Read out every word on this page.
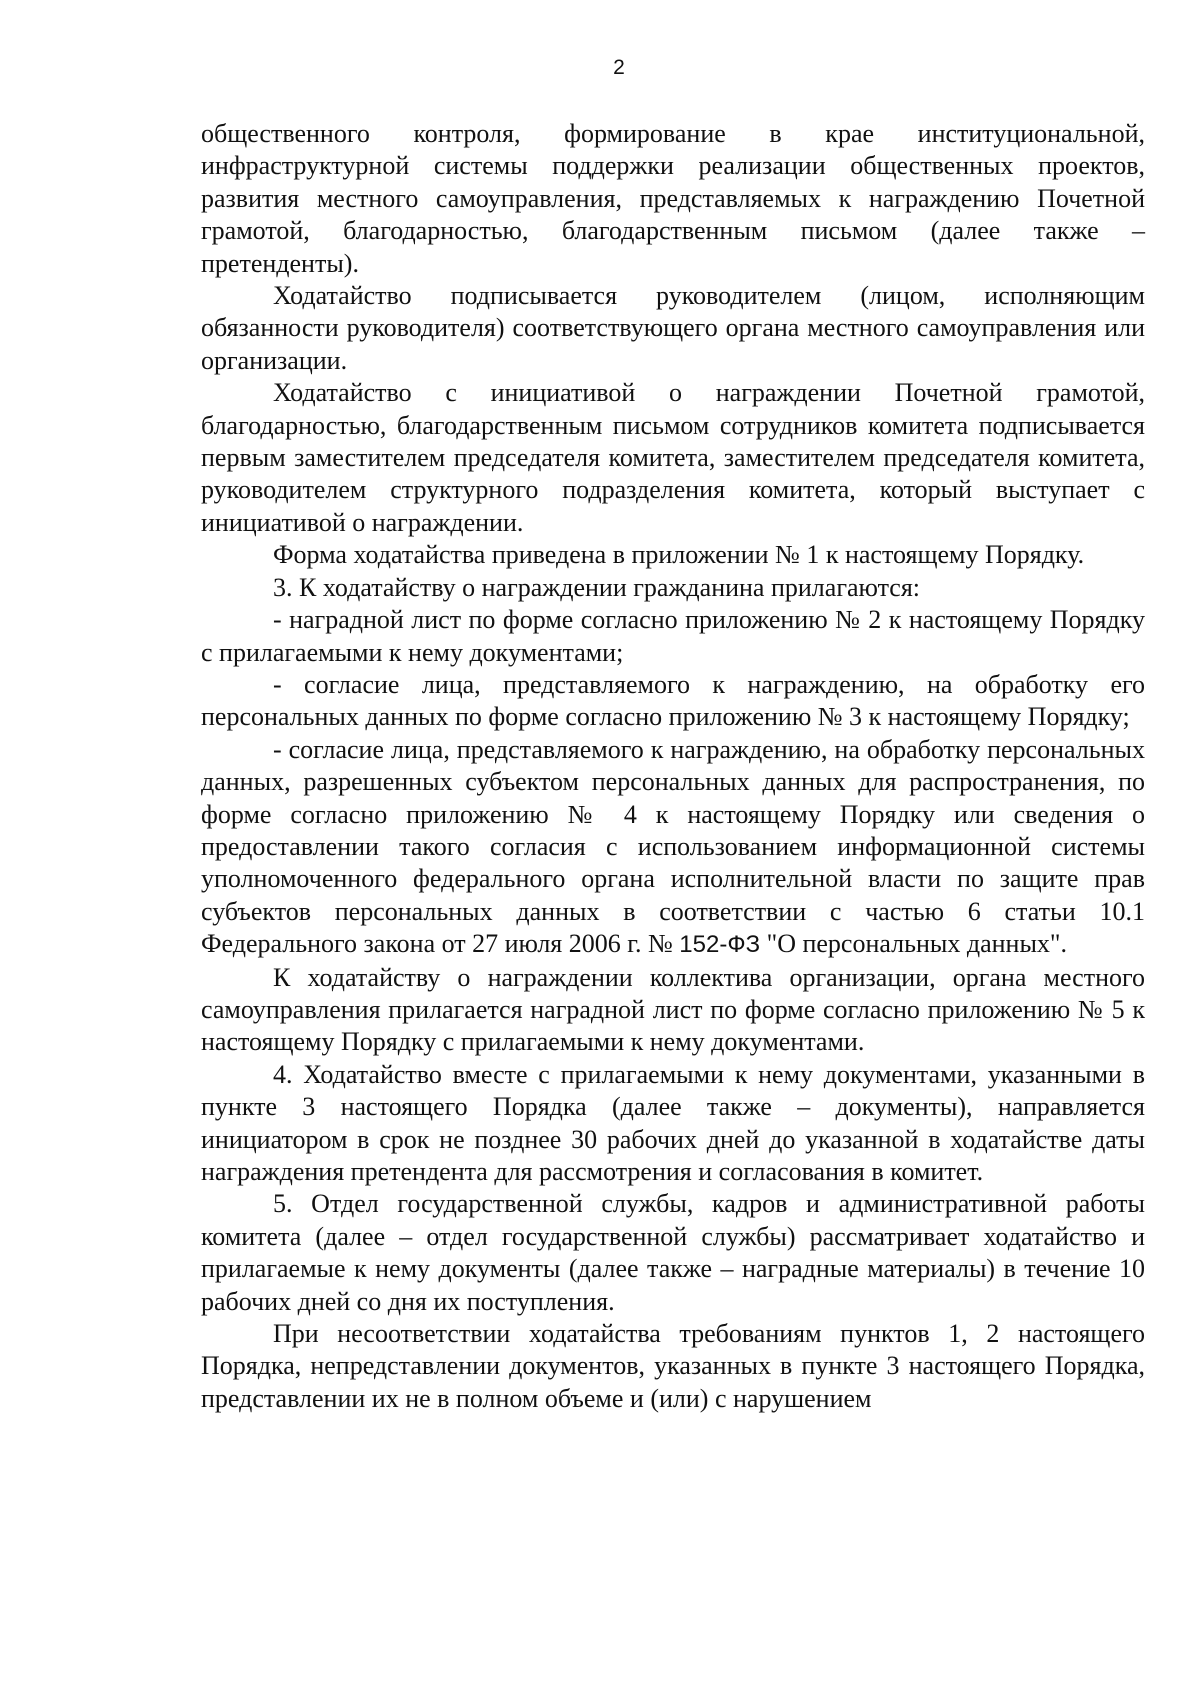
2

общественного контроля, формирование в крае институциональной, инфраструктурной системы поддержки реализации общественных проектов, развития местного самоуправления, представляемых к награждению Почетной грамотой, благодарностью, благодарственным письмом (далее также – претенденты).

Ходатайство подписывается руководителем (лицом, исполняющим обязанности руководителя) соответствующего органа местного самоуправления или организации.

Ходатайство с инициативой о награждении Почетной грамотой, благодарностью, благодарственным письмом сотрудников комитета подписывается первым заместителем председателя комитета, заместителем председателя комитета, руководителем структурного подразделения комитета, который выступает с инициативой о награждении.

Форма ходатайства приведена в приложении № 1 к настоящему Порядку.

3. К ходатайству о награждении гражданина прилагаются:

- наградной лист по форме согласно приложению № 2 к настоящему Порядку с прилагаемыми к нему документами;

- согласие лица, представляемого к награждению, на обработку его персональных данных по форме согласно приложению № 3 к настоящему Порядку;

- согласие лица, представляемого к награждению, на обработку персональных данных, разрешенных субъектом персональных данных для распространения, по форме согласно приложению № 4 к настоящему Порядку или сведения о предоставлении такого согласия с использованием информационной системы уполномоченного федерального органа исполнительной власти по защите прав субъектов персональных данных в соответствии с частью 6 статьи 10.1 Федерального закона от 27 июля 2006 г. № 152-ФЗ "О персональных данных".

К ходатайству о награждении коллектива организации, органа местного самоуправления прилагается наградной лист по форме согласно приложению № 5 к настоящему Порядку с прилагаемыми к нему документами.

4. Ходатайство вместе с прилагаемыми к нему документами, указанными в пункте 3 настоящего Порядка (далее также – документы), направляется инициатором в срок не позднее 30 рабочих дней до указанной в ходатайстве даты награждения претендента для рассмотрения и согласования в комитет.

5. Отдел государственной службы, кадров и административной работы комитета (далее – отдел государственной службы) рассматривает ходатайство и прилагаемые к нему документы (далее также – наградные материалы) в течение 10 рабочих дней со дня их поступления.

При несоответствии ходатайства требованиям пунктов 1, 2 настоящего Порядка, непредставлении документов, указанных в пункте 3 настоящего Порядка, представлении их не в полном объеме и (или) с нарушением
